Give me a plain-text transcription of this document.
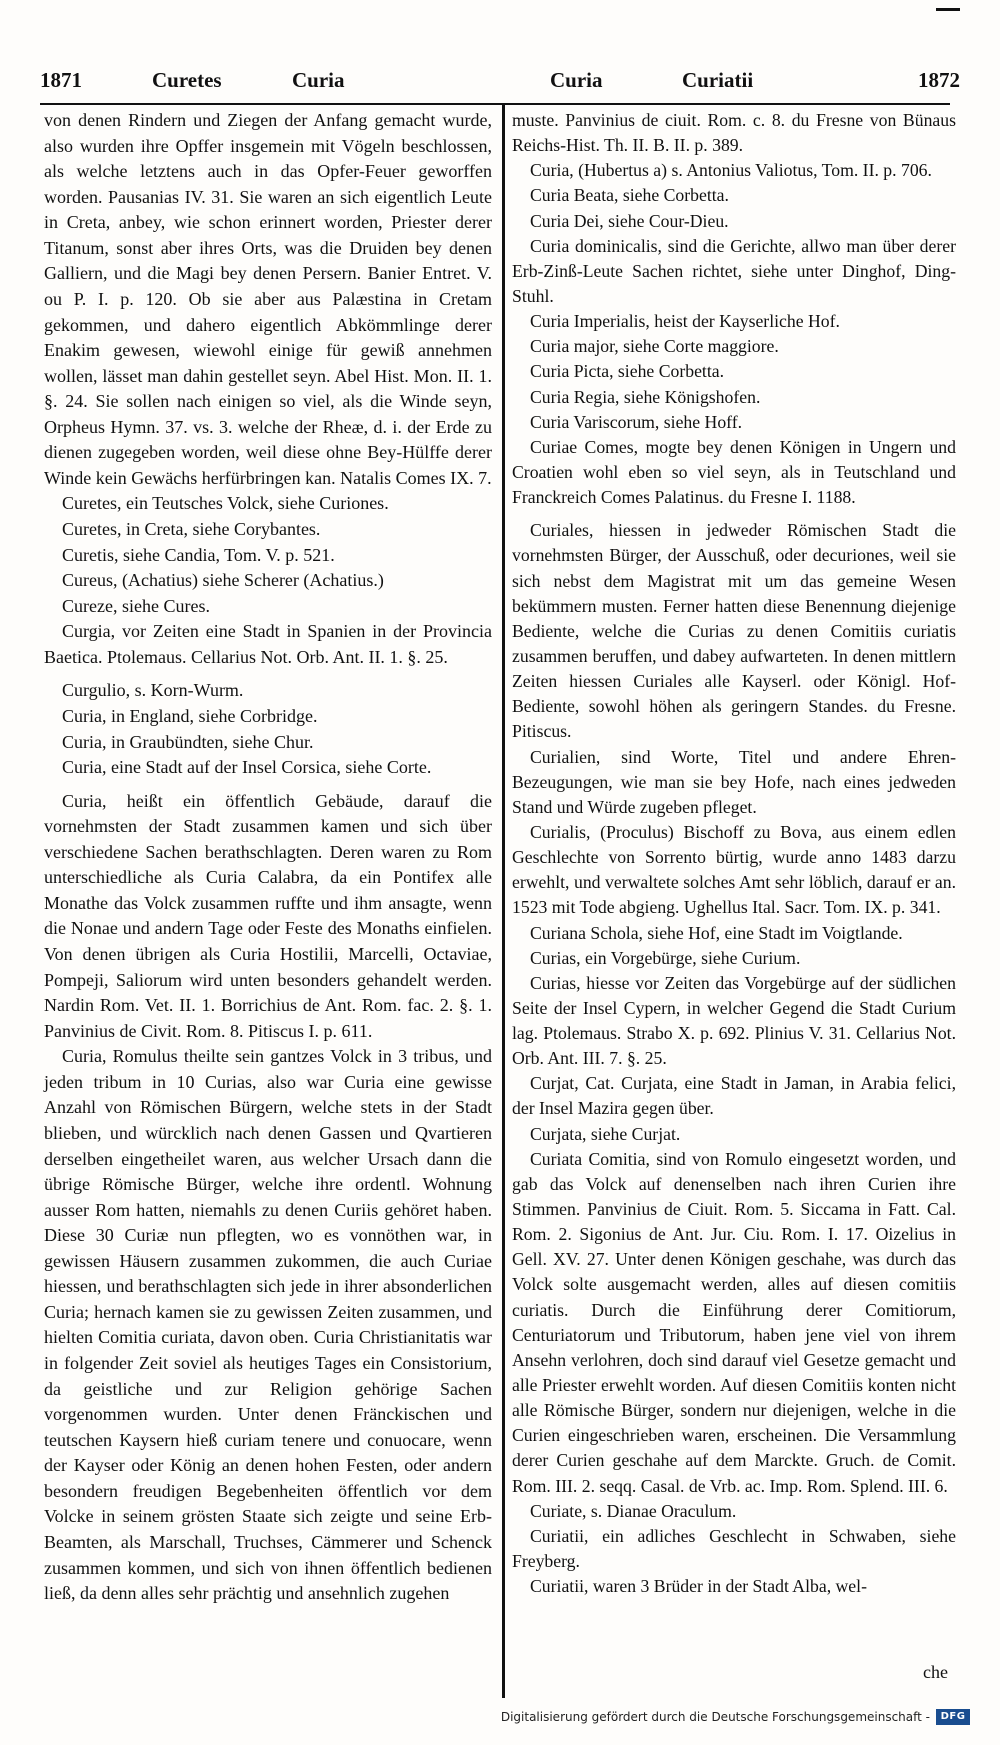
1871	Curetes	Curia	Curia	Curiatii	1872

von denen Rindern und Ziegen der Anfang gemacht wurde, also wurden ihre Opffer insgemein mit Vögeln beschlossen, als welche letztens auch in das Opfer-Feuer geworffen worden. Pausanias IV. 31. Sie waren an sich eigentlich Leute in Creta, anbey, wie schon erinnert worden, Priester derer Titanum, sonst aber ihres Orts, was die Druiden bey denen Galliern, und die Magi bey denen Persern. Banier Entret. V. ou P. I. p. 120. Ob sie aber aus Palæstina in Cretam gekommen, und dahero eigentlich Abkömmlinge derer Enakim gewesen, wiewohl einige für gewiß annehmen wollen, lässet man dahin gestellet seyn. Abel Hist. Mon. II. 1. §. 24. Sie sollen nach einigen so viel, als die Winde seyn, Orpheus Hymn. 37. vs. 3. welche der Rheæ, d. i. der Erde zu dienen zugegeben worden, weil diese ohne Bey-Hülffe derer Winde kein Gewächs herfürbringen kan. Natalis Comes IX. 7.

Curetes, ein Teutsches Volck, siehe Curiones.

Curetes, in Creta, siehe Corybantes.

Curetis, siehe Candia, Tom. V. p. 521.

Cureus, (Achatius) siehe Scherer (Achatius.)

Cureze, siehe Cures.

Curgia, vor Zeiten eine Stadt in Spanien in der Provincia Baetica. Ptolemaus. Cellarius Not. Orb. Ant. II. 1. §. 25.

Curgulio, s. Korn-Wurm.

Curia, in England, siehe Corbridge.

Curia, in Graubündten, siehe Chur.

Curia, eine Stadt auf der Insel Corsica, siehe Corte.

Curia, heißt ein öffentlich Gebäude, darauf die vornehmsten der Stadt zusammen kamen und sich über verschiedene Sachen berathschlagten. Deren waren zu Rom unterschiedliche als Curia Calabra, da ein Pontifex alle Monathe das Volck zusammen ruffte und ihm ansagte, wenn die Nonae und andern Tage oder Feste des Monaths einfielen. Von denen übrigen als Curia Hostilii, Marcelli, Octaviae, Pompeji, Saliorum wird unten besonders gehandelt werden. Nardin Rom. Vet. II. 1. Borrichius de Ant. Rom. fac. 2. §. 1. Panvinius de Civit. Rom. 8. Pitiscus I. p. 611.

Curia, Romulus theilte sein gantzes Volck in 3 tribus, und jeden tribum in 10 Curias, also war Curia eine gewisse Anzahl von Römischen Bürgern, welche stets in der Stadt blieben, und würcklich nach denen Gassen und Qvartieren derselben eingetheilet waren, aus welcher Ursach dann die übrige Römische Bürger, welche ihre ordentl. Wohnung ausser Rom hatten, niemahls zu denen Curiis gehöret haben. Diese 30 Curiæ nun pflegten, wo es vonnöthen war, in gewissen Häusern zusammen zukommen, die auch Curiae hiessen, und berathschlagten sich jede in ihrer absonderlichen Curia; hernach kamen sie zu gewissen Zeiten zusammen, und hielten Comitia curiata, davon oben. Curia Christianitatis war in folgender Zeit soviel als heutiges Tages ein Consistorium, da geistliche und zur Religion gehörige Sachen vorgenommen wurden. Unter denen Fränckischen und teutschen Kaysern hieß curiam tenere und conuocare, wenn der Kayser oder König an denen hohen Festen, oder andern besondern freudigen Begebenheiten öffentlich vor dem Volcke in seinem grösten Staate sich zeigte und seine Erb-Beamten, als Marschall, Truchses, Cämmerer und Schenck zusammen kommen, und sich von ihnen öffentlich bedienen ließ, da denn alles sehr prächtig und ansehnlich zugehen

muste. Panvinius de ciuit. Rom. c. 8. du Fresne von Bünaus Reichs-Hist. Th. II. B. II. p. 389.

Curia, (Hubertus a) s. Antonius Valiotus, Tom. II. p. 706.

Curia Beata, siehe Corbetta.

Curia Dei, siehe Cour-Dieu.

Curia dominicalis, sind die Gerichte, allwo man über derer Erb-Zinß-Leute Sachen richtet, siehe unter Dinghof, Ding-Stuhl.

Curia Imperialis, heist der Kayserliche Hof.

Curia major, siehe Corte maggiore.

Curia Picta, siehe Corbetta.

Curia Regia, siehe Königshofen.

Curia Variscorum, siehe Hoff.

Curiae Comes, mogte bey denen Königen in Ungern und Croatien wohl eben so viel seyn, als in Teutschland und Franckreich Comes Palatinus. du Fresne I. 1188.

Curiales, hiessen in jedweder Römischen Stadt die vornehmsten Bürger, der Ausschuß, oder decuriones, weil sie sich nebst dem Magistrat mit um das gemeine Wesen bekümmern musten. Ferner hatten diese Benennung diejenige Bediente, welche die Curias zu denen Comitiis curiatis zusammen beruffen, und dabey aufwarteten. In denen mittlern Zeiten hiessen Curiales alle Kayserl. oder Königl. Hof-Bediente, sowohl höhen als geringern Standes. du Fresne. Pitiscus.

Curialien, sind Worte, Titel und andere Ehren-Bezeugungen, wie man sie bey Hofe, nach eines jedweden Stand und Würde zugeben pfleget.

Curialis, (Proculus) Bischoff zu Bova, aus einem edlen Geschlechte von Sorrento bürtig, wurde anno 1483 darzu erwehlt, und verwaltete solches Amt sehr löblich, darauf er an. 1523 mit Tode abgieng. Ughellus Ital. Sacr. Tom. IX. p. 341.

Curiana Schola, siehe Hof, eine Stadt im Voigtlande.

Curias, ein Vorgebürge, siehe Curium.

Curias, hiesse vor Zeiten das Vorgebürge auf der südlichen Seite der Insel Cypern, in welcher Gegend die Stadt Curium lag. Ptolemaus. Strabo X. p. 692. Plinius V. 31. Cellarius Not. Orb. Ant. III. 7. §. 25.

Curjat, Cat. Curjata, eine Stadt in Jaman, in Arabia felici, der Insel Mazira gegen über.

Curjata, siehe Curjat.

Curiata Comitia, sind von Romulo eingesetzt worden, und gab das Volck auf denenselben nach ihren Curien ihre Stimmen. Panvinius de Ciuit. Rom. 5. Siccama in Fatt. Cal. Rom. 2. Sigonius de Ant. Jur. Ciu. Rom. I. 17. Oizelius in Gell. XV. 27. Unter denen Königen geschahe, was durch das Volck solte ausgemacht werden, alles auf diesen comitiis curiatis. Durch die Einführung derer Comitiorum, Centuriatorum und Tributorum, haben jene viel von ihrem Ansehn verlohren, doch sind darauf viel Gesetze gemacht und alle Priester erwehlt worden. Auf diesen Comitiis konten nicht alle Römische Bürger, sondern nur diejenigen, welche in die Curien eingeschrieben waren, erscheinen. Die Versammlung derer Curien geschahe auf dem Marckte. Gruch. de Comit. Rom. III. 2. seqq. Casal. de Vrb. ac. Imp. Rom. Splend. III. 6.

Curiate, s. Dianae Oraculum.

Curiatii, ein adliches Geschlecht in Schwaben, siehe Freyberg.

Curiatii, waren 3 Brüder in der Stadt Alba, wel-

che
Digitalisierung gefördert durch die Deutsche Forschungsgemeinschaft -	DFG
